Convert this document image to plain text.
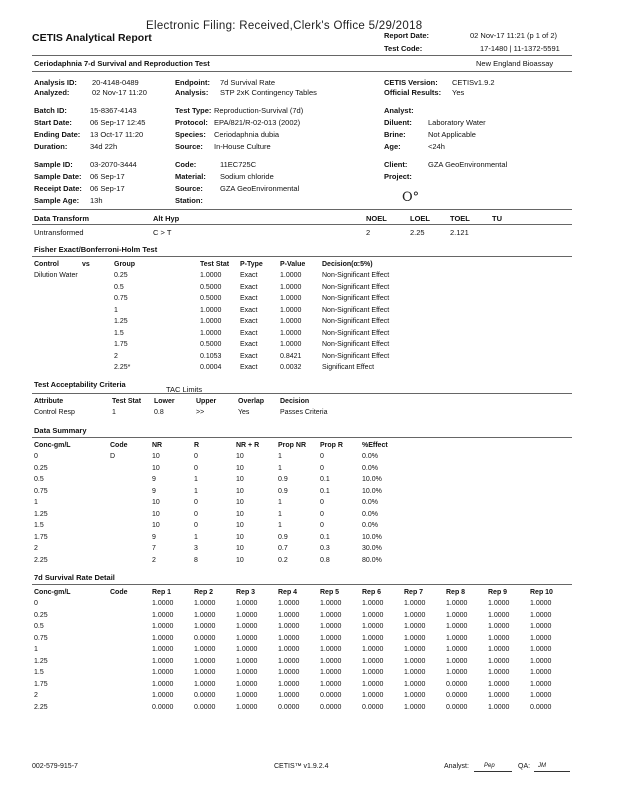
Electronic Filing: Received,Clerk's Office 5/29/2018
CETIS Analytical Report	Report Date:	02 Nov-17 11:21 (p 1 of 2)
Test Code:	17-1480 | 11-1372-5591
Ceriodaphnia 7-d Survival and Reproduction Test	New England Bioassay
Analysis ID: 20-4148-0489
Analyzed:	02 Nov-17 11:20
Batch ID:	15-8367-4143
Start Date: 06 Sep-17 12:45
Ending Date: 13 Oct-17 11:20
Duration:	34d 22h
Sample ID: 03-2070-3444
Sample Date: 06 Sep-17
Receipt Date: 06 Sep-17
Sample Age: 13h
Endpoint: 7d Survival Rate
Analysis: STP 2xK Contingency Tables
Test Type: Reproduction-Survival (7d)
Protocol: EPA/821/R-02-013 (2002)
Species: Ceriodaphnia dubia
Source: In-House Culture
Code:	11EC725C
Material: Sodium chloride
Source: GZA GeoEnvironmental
Station:
CETIS Version: CETISv1.9.2
Official Results: Yes
Analyst:
Diluent: Laboratory Water
Brine:	Not Applicable
Age:	<24h
Client:	GZA GeoEnvironmental
Project:
O°
Data Transform	Alt Hyp	NOEL	LOEL	TOEL	TU
Untransformed	C > T	2	2.25	2.121
Fisher Exact/Bonferroni-Holm Test
Control	vs	Group	Test Stat	P-Type	P-Value	Decision(α:5%)
Dilution Water		0.25	1.0000	Exact	1.0000	Non-Significant Effect
		0.5	0.5000	Exact	1.0000	Non-Significant Effect
		0.75	0.5000	Exact	1.0000	Non-Significant Effect
		1	1.0000	Exact	1.0000	Non-Significant Effect
		1.25	1.0000	Exact	1.0000	Non-Significant Effect
		1.5	1.0000	Exact	1.0000	Non-Significant Effect
		1.75	0.5000	Exact	1.0000	Non-Significant Effect
		2	0.1053	Exact	0.8421	Non-Significant Effect
		2.25*	0.0004	Exact	0.0032	Significant Effect
Test Acceptability Criteria
TAC Limits
Attribute	Test Stat	Lower	Upper	Overlap	Decision
Control Resp	1	0.8	>>	Yes	Passes Criteria
Data Summary
Conc-gm/L	Code	NR	R	NR + R	Prop NR	Prop R	%Effect
0	D	10	0	10	1	0	0.0%
0.25		10	0	10	1	0	0.0%
0.5		9	1	10	0.9	0.1	10.0%
0.75		9	1	10	0.9	0.1	10.0%
1		10	0	10	1	0	0.0%
1.25		10	0	10	1	0	0.0%
1.5		10	0	10	1	0	0.0%
1.75		9	1	10	0.9	0.1	10.0%
2		7	3	10	0.7	0.3	30.0%
2.25		2	8	10	0.2	0.8	80.0%
7d Survival Rate Detail
Conc-gm/L	Code	Rep 1	Rep 2	Rep 3	Rep 4	Rep 5	Rep 6	Rep 7	Rep 8	Rep 9	Rep 10
0		1.0000	1.0000	1.0000	1.0000	1.0000	1.0000	1.0000	1.0000	1.0000	1.0000
0.25		1.0000	1.0000	1.0000	1.0000	1.0000	1.0000	1.0000	1.0000	1.0000	1.0000
0.5		1.0000	1.0000	1.0000	1.0000	1.0000	1.0000	1.0000	1.0000	1.0000	1.0000
0.75		1.0000	0.0000	1.0000	1.0000	1.0000	1.0000	1.0000	1.0000	1.0000	1.0000
1		1.0000	1.0000	1.0000	1.0000	1.0000	1.0000	1.0000	1.0000	1.0000	1.0000
1.25		1.0000	1.0000	1.0000	1.0000	1.0000	1.0000	1.0000	1.0000	1.0000	1.0000
1.5		1.0000	1.0000	1.0000	1.0000	1.0000	1.0000	1.0000	1.0000	1.0000	1.0000
1.75		1.0000	1.0000	1.0000	1.0000	1.0000	1.0000	1.0000	0.0000	1.0000	1.0000
2		1.0000	0.0000	1.0000	1.0000	0.0000	1.0000	1.0000	0.0000	1.0000	1.0000
2.25		0.0000	0.0000	1.0000	0.0000	0.0000	0.0000	1.0000	0.0000	1.0000	0.0000
002-579-915-7	CETIS™ v1.9.2.4	Analyst:	Pep	QA: JM
